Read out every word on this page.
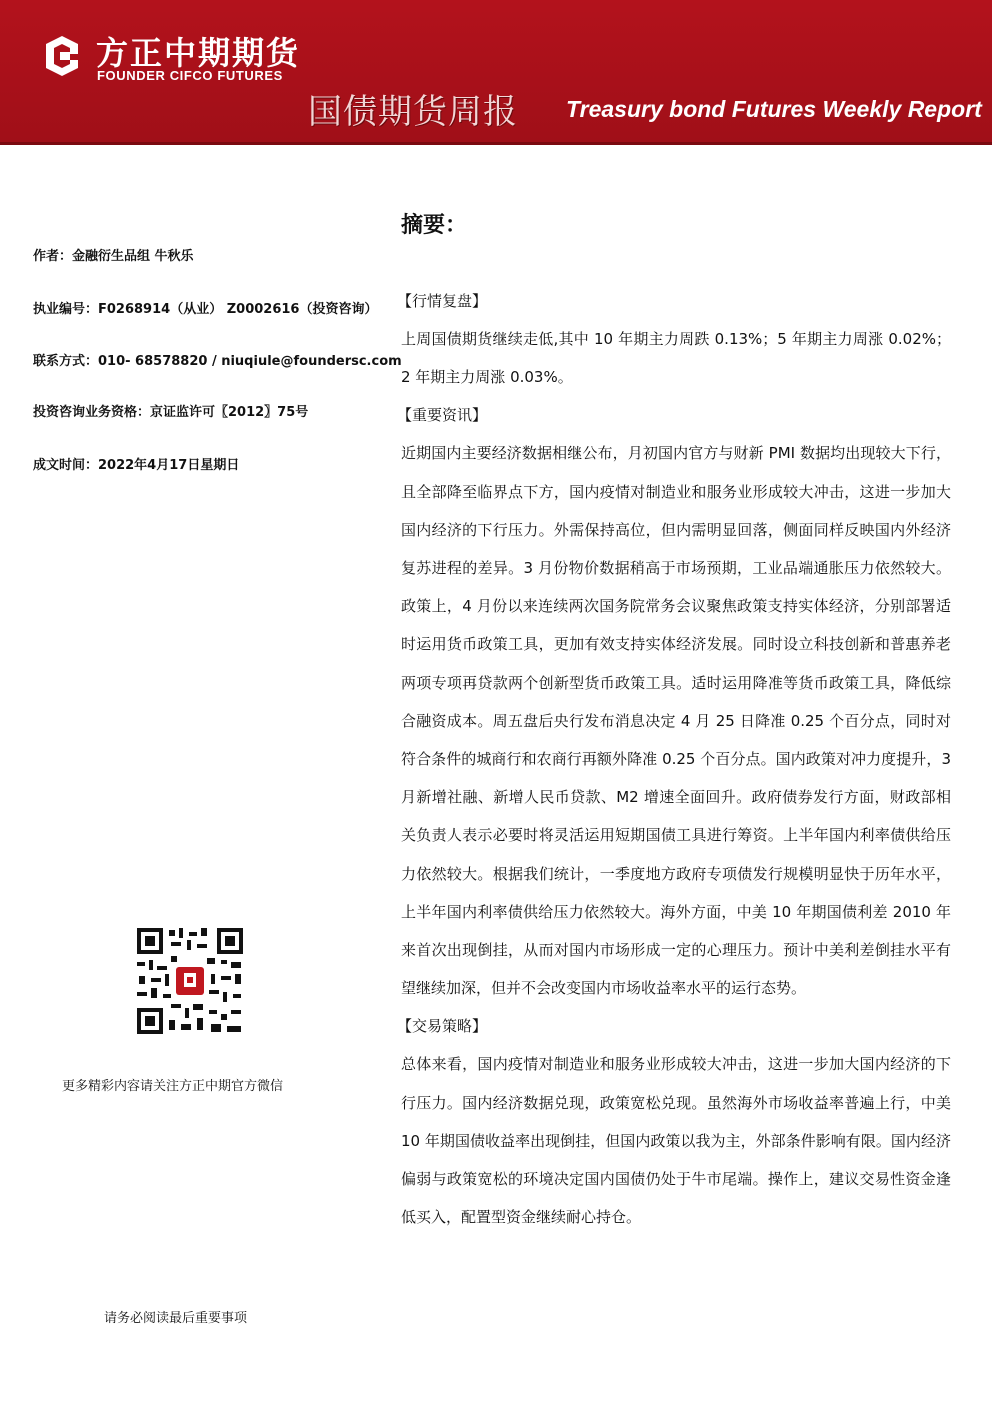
方正中期期货
FOUNDER CIFCO FUTURES
国债期货周报 Treasury bond Futures Weekly Report
作者：金融衍生品组 牛秋乐
执业编号：F0268914（从业） Z0002616（投资咨询）
联系方式：010- 68578820 / niuqiule@foundersc.com
投资咨询业务资格：京证监许可〖2012〗75号
成文时间：2022年4月17日星期日
更多精彩内容请关注方正中期官方微信
请务必阅读最后重要事项
摘要：
【行情复盘】

上周国债期货继续走低,其中 10 年期主力周跌 0.13%；5 年期主力周涨 0.02%；2 年期主力周涨 0.03%。

【重要资讯】

近期国内主要经济数据相继公布，月初国内官方与财新 PMI 数据均出现较大下行，且全部降至临界点下方，国内疫情对制造业和服务业形成较大冲击，这进一步加大国内经济的下行压力。外需保持高位，但内需明显回落，侧面同样反映国内外经济复苏进程的差异。3 月份物价数据稍高于市场预期，工业品端通胀压力依然较大。政策上，4 月份以来连续两次国务院常务会议聚焦政策支持实体经济，分别部署适时运用货币政策工具，更加有效支持实体经济发展。同时设立科技创新和普惠养老两项专项再贷款两个创新型货币政策工具。适时运用降准等货币政策工具，降低综合融资成本。周五盘后央行发布消息决定 4 月 25 日降准 0.25 个百分点，同时对符合条件的城商行和农商行再额外降准 0.25 个百分点。国内政策对冲力度提升，3 月新增社融、新增人民币贷款、M2 增速全面回升。政府债券发行方面，财政部相关负责人表示必要时将灵活运用短期国债工具进行筹资。上半年国内利率债供给压力依然较大。根据我们统计，一季度地方政府专项债发行规模明显快于历年水平，上半年国内利率债供给压力依然较大。海外方面，中美 10 年期国债利差 2010 年来首次出现倒挂，从而对国内市场形成一定的心理压力。预计中美利差倒挂水平有望继续加深，但并不会改变国内市场收益率水平的运行态势。

【交易策略】

总体来看，国内疫情对制造业和服务业形成较大冲击，这进一步加大国内经济的下行压力。国内经济数据兑现，政策宽松兑现。虽然海外市场收益率普遍上行，中美 10 年期国债收益率出现倒挂，但国内政策以我为主，外部条件影响有限。国内经济偏弱与政策宽松的环境决定国内国债仍处于牛市尾端。操作上，建议交易性资金逢低买入，配置型资金继续耐心持仓。
